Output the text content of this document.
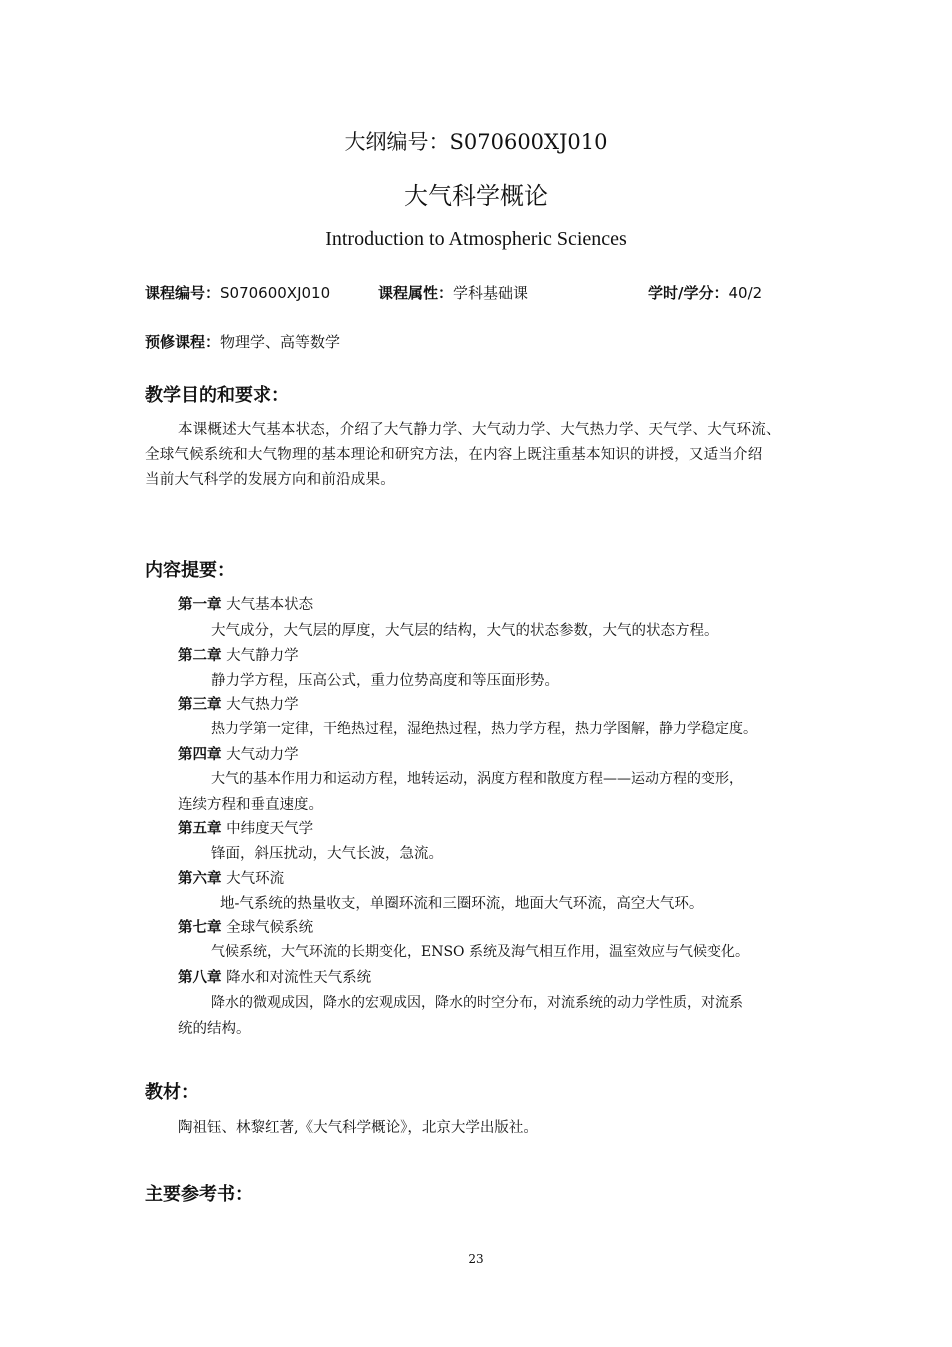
大纲编号：S070600XJ010
大气科学概论
Introduction to Atmospheric Sciences
课程编号：S070600XJ010	课程属性：学科基础课	学时/学分：40/2
预修课程：物理学、高等数学
教学目的和要求：
本课概述大气基本状态，介绍了大气静力学、大气动力学、大气热力学、天气学、大气环流、
全球气候系统和大气物理的基本理论和研究方法，在内容上既注重基本知识的讲授，又适当介绍
当前大气科学的发展方向和前沿成果。
内容提要：
第一章 大气基本状态
大气成分，大气层的厚度，大气层的结构，大气的状态参数，大气的状态方程。
第二章 大气静力学
静力学方程，压高公式，重力位势高度和等压面形势。
第三章 大气热力学
热力学第一定律，干绝热过程，湿绝热过程，热力学方程，热力学图解，静力学稳定度。
第四章 大气动力学
大气的基本作用力和运动方程，地转运动，涡度方程和散度方程——运动方程的变形，
连续方程和垂直速度。
第五章 中纬度天气学
锋面，斜压扰动，大气长波，急流。
第六章 大气环流
地-气系统的热量收支，单圈环流和三圈环流，地面大气环流，高空大气环。
第七章 全球气候系统
气候系统，大气环流的长期变化，ENSO 系统及海气相互作用，温室效应与气候变化。
第八章 降水和对流性天气系统
降水的微观成因，降水的宏观成因，降水的时空分布，对流系统的动力学性质，对流系
统的结构。
教材：
陶祖钰、林黎红著,《大气科学概论》，北京大学出版社。
主要参考书：
23
